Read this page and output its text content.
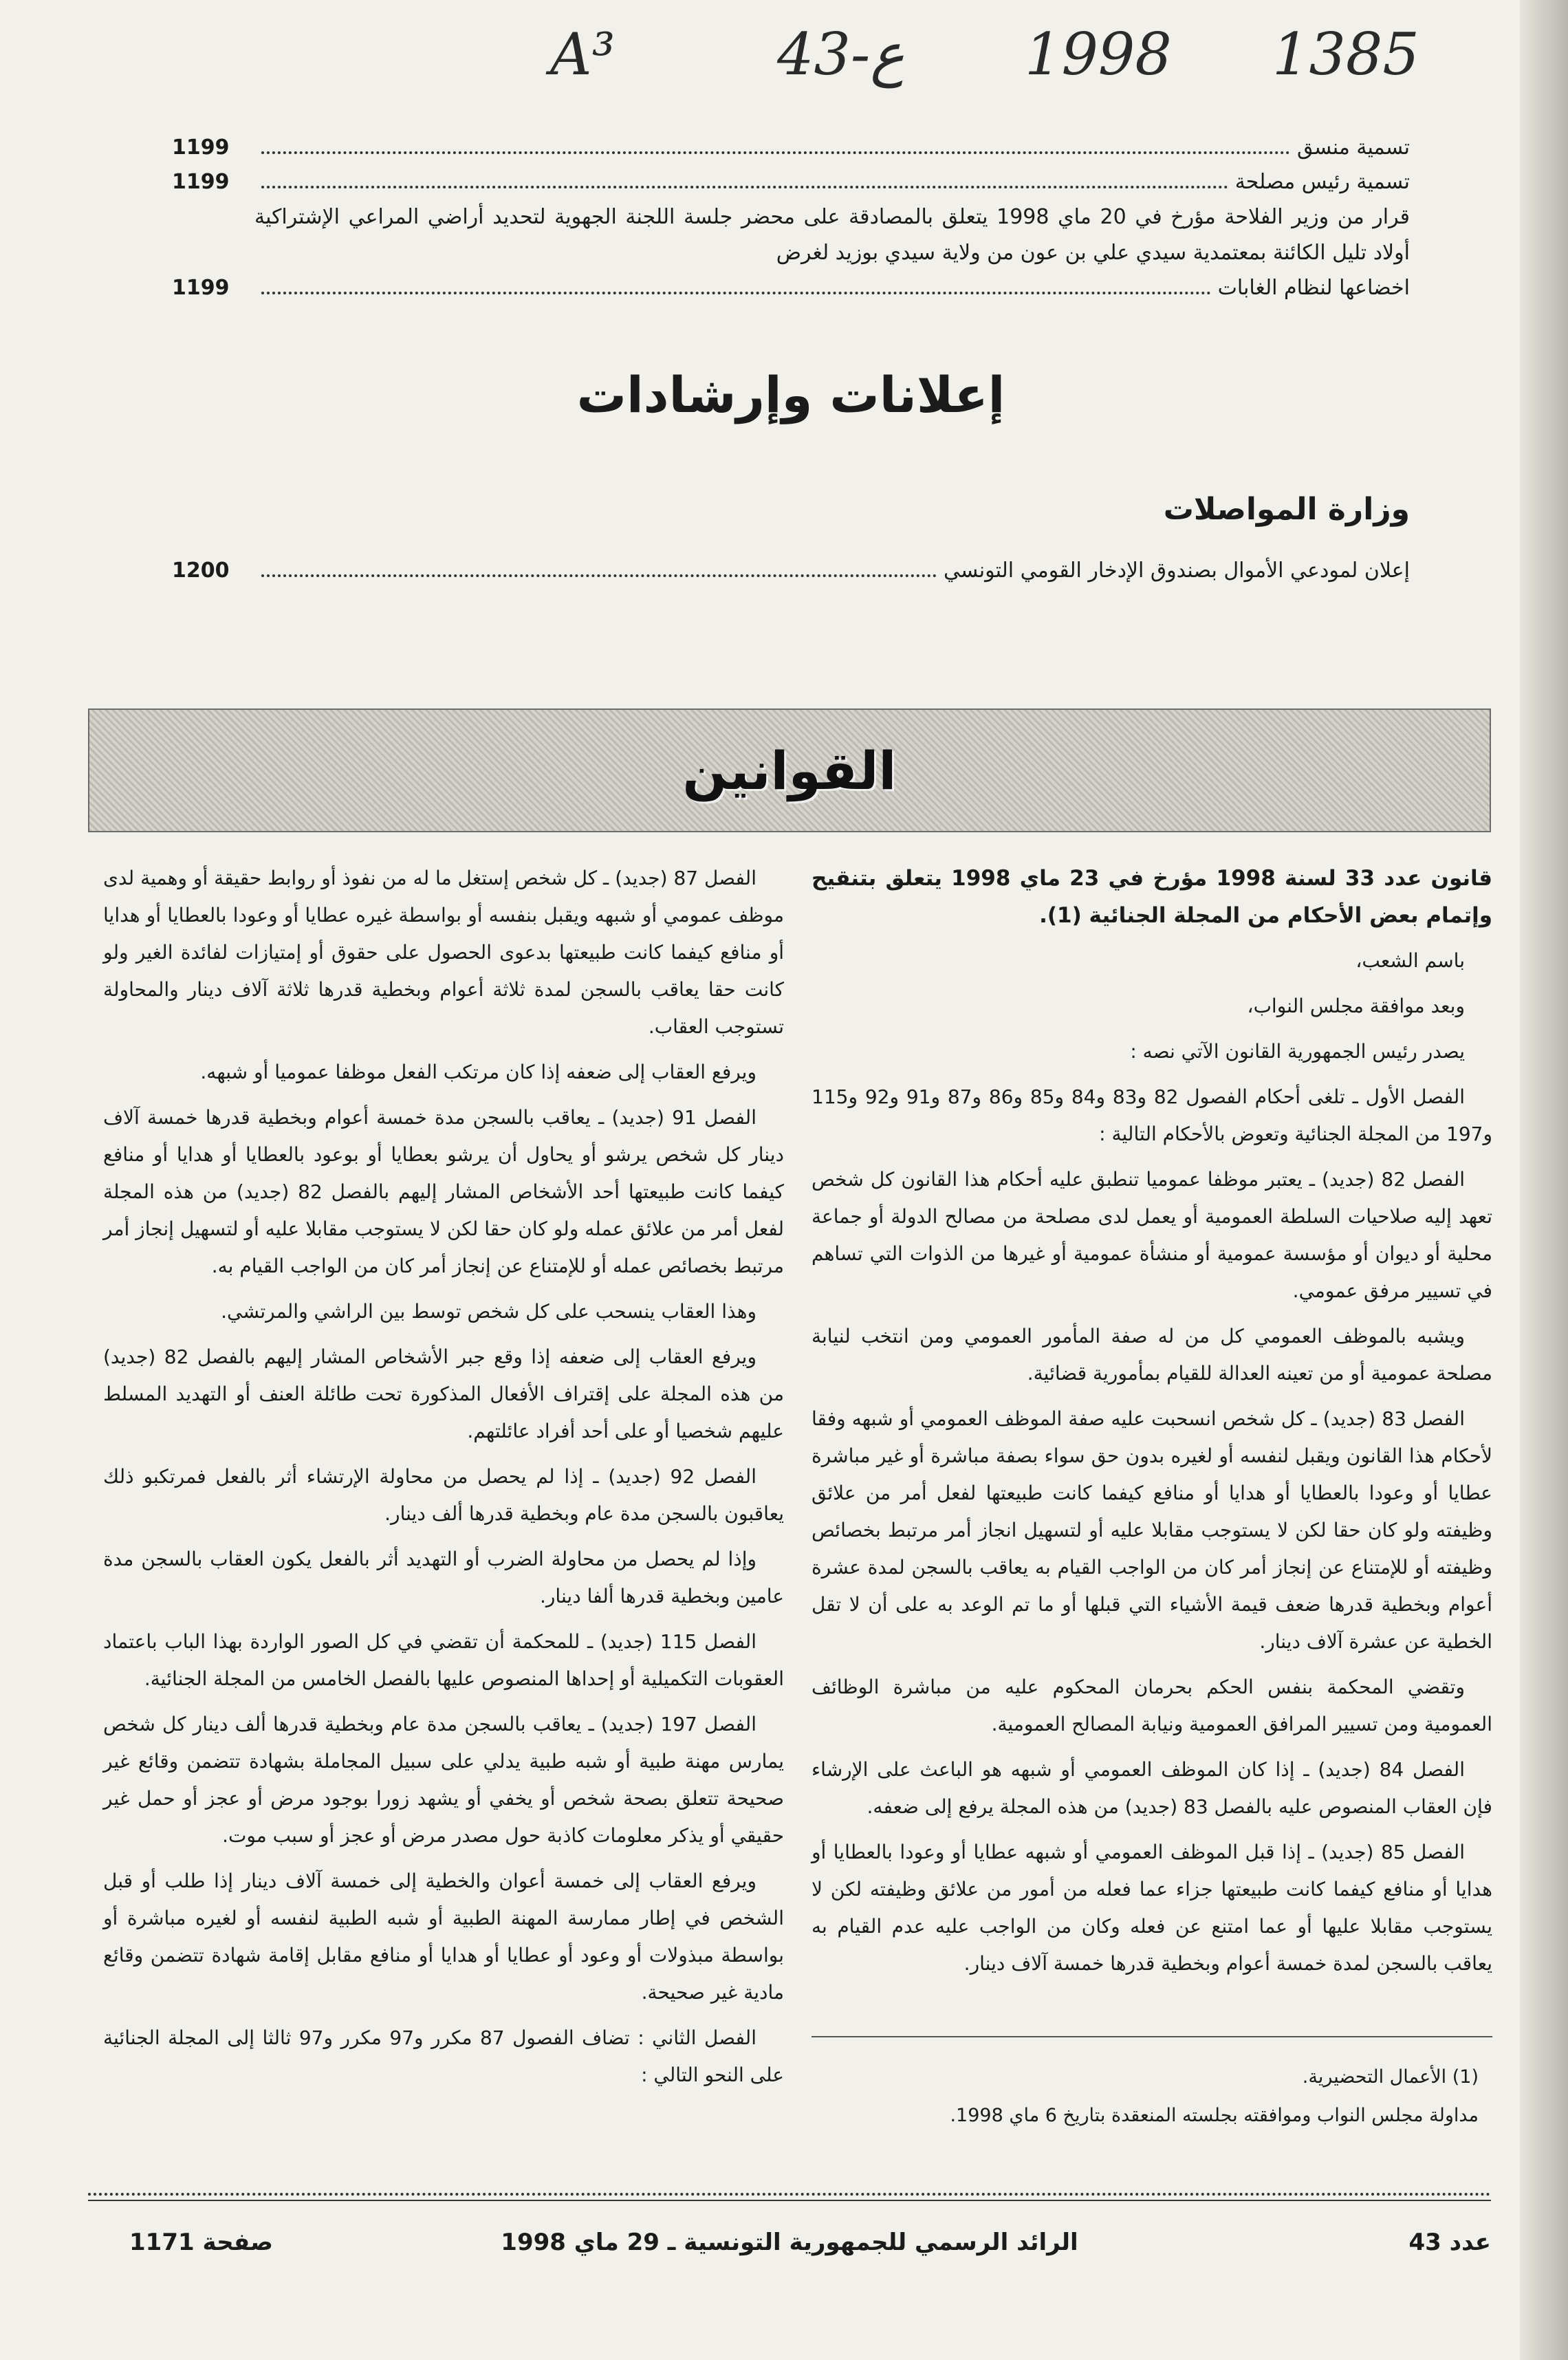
A³	43-ع 1998 1385
تسمية منسق
1199
تسمية رئيس مصلحة
1199
قرار من وزير الفلاحة مؤرخ في 20 ماي 1998 يتعلق بالمصادقة على محضر جلسة اللجنة الجهوية لتحديد أراضي المراعي الإشتراكية أولاد تليل الكائنة بمعتمدية سيدي علي بن عون من ولاية سيدي بوزيد لغرض
اخضاعها لنظام الغابات
1199
إعلانات وإرشادات
وزارة المواصلات
إعلان لمودعي الأموال بصندوق الإدخار القومي التونسي
1200
القوانين

قانون عدد 33 لسنة 1998 مؤرخ في 23 ماي 1998 يتعلق بتنقيح وإتمام بعض الأحكام من المجلة الجنائية (1).

باسم الشعب،

وبعد موافقة مجلس النواب،

يصدر رئيس الجمهورية القانون الآتي نصه :

الفصل الأول ـ تلغى أحكام الفصول 82 و83 و84 و85 و86 و87 و91 و92 و115 و197 من المجلة الجنائية وتعوض بالأحكام التالية :

الفصل 82 (جديد) ـ يعتبر موظفا عموميا تنطبق عليه أحكام هذا القانون كل شخص تعهد إليه صلاحيات السلطة العمومية أو يعمل لدى مصلحة من مصالح الدولة أو جماعة محلية أو ديوان أو مؤسسة عمومية أو منشأة عمومية أو غيرها من الذوات التي تساهم في تسيير مرفق عمومي.

ويشبه بالموظف العمومي كل من له صفة المأمور العمومي ومن انتخب لنيابة مصلحة عمومية أو من تعينه العدالة للقيام بمأمورية قضائية.

الفصل 83 (جديد) ـ كل شخص انسحبت عليه صفة الموظف العمومي أو شبهه وفقا لأحكام هذا القانون ويقبل لنفسه أو لغيره بدون حق سواء بصفة مباشرة أو غير مباشرة عطايا أو وعودا بالعطايا أو هدايا أو منافع كيفما كانت طبيعتها لفعل أمر من علائق وظيفته ولو كان حقا لكن لا يستوجب مقابلا عليه أو لتسهيل انجاز أمر مرتبط بخصائص وظيفته أو للإمتناع عن إنجاز أمر كان من الواجب القيام به يعاقب بالسجن لمدة عشرة أعوام وبخطية قدرها ضعف قيمة الأشياء التي قبلها أو ما تم الوعد به على أن لا تقل الخطية عن عشرة آلاف دينار.

وتقضي المحكمة بنفس الحكم بحرمان المحكوم عليه من مباشرة الوظائف العمومية ومن تسيير المرافق العمومية ونيابة المصالح العمومية.

الفصل 84 (جديد) ـ إذا كان الموظف العمومي أو شبهه هو الباعث على الإرشاء فإن العقاب المنصوص عليه بالفصل 83 (جديد) من هذه المجلة يرفع إلى ضعفه.

الفصل 85 (جديد) ـ إذا قبل الموظف العمومي أو شبهه عطايا أو وعودا بالعطايا أو هدايا أو منافع كيفما كانت طبيعتها جزاء عما فعله من أمور من علائق وظيفته لكن لا يستوجب مقابلا عليها أو عما امتنع عن فعله وكان من الواجب عليه عدم القيام به يعاقب بالسجن لمدة خمسة أعوام وبخطية قدرها خمسة آلاف دينار.

(1) الأعمال التحضيرية.

مداولة مجلس النواب وموافقته بجلسته المنعقدة بتاريخ 6 ماي 1998.

الفصل 87 (جديد) ـ كل شخص إستغل ما له من نفوذ أو روابط حقيقة أو وهمية لدى موظف عمومي أو شبهه ويقبل بنفسه أو بواسطة غيره عطايا أو وعودا بالعطايا أو هدايا أو منافع كيفما كانت طبيعتها بدعوى الحصول على حقوق أو إمتيازات لفائدة الغير ولو كانت حقا يعاقب بالسجن لمدة ثلاثة أعوام وبخطية قدرها ثلاثة آلاف دينار والمحاولة تستوجب العقاب.

ويرفع العقاب إلى ضعفه إذا كان مرتكب الفعل موظفا عموميا أو شبهه.

الفصل 91 (جديد) ـ يعاقب بالسجن مدة خمسة أعوام وبخطية قدرها خمسة آلاف دينار كل شخص يرشو أو يحاول أن يرشو بعطايا أو بوعود بالعطايا أو هدايا أو منافع كيفما كانت طبيعتها أحد الأشخاص المشار إليهم بالفصل 82 (جديد) من هذه المجلة لفعل أمر من علائق عمله ولو كان حقا لكن لا يستوجب مقابلا عليه أو لتسهيل إنجاز أمر مرتبط بخصائص عمله أو للإمتناع عن إنجاز أمر كان من الواجب القيام به.

وهذا العقاب ينسحب على كل شخص توسط بين الراشي والمرتشي.

ويرفع العقاب إلى ضعفه إذا وقع جبر الأشخاص المشار إليهم بالفصل 82 (جديد) من هذه المجلة على إقتراف الأفعال المذكورة تحت طائلة العنف أو التهديد المسلط عليهم شخصيا أو على أحد أفراد عائلتهم.

الفصل 92 (جديد) ـ إذا لم يحصل من محاولة الإرتشاء أثر بالفعل فمرتكبو ذلك يعاقبون بالسجن مدة عام وبخطية قدرها ألف دينار.

وإذا لم يحصل من محاولة الضرب أو التهديد أثر بالفعل يكون العقاب بالسجن مدة عامين وبخطية قدرها ألفا دينار.

الفصل 115 (جديد) ـ للمحكمة أن تقضي في كل الصور الواردة بهذا الباب باعتماد العقوبات التكميلية أو إحداها المنصوص عليها بالفصل الخامس من المجلة الجنائية.

الفصل 197 (جديد) ـ يعاقب بالسجن مدة عام وبخطية قدرها ألف دينار كل شخص يمارس مهنة طبية أو شبه طبية يدلي على سبيل المجاملة بشهادة تتضمن وقائع غير صحيحة تتعلق بصحة شخص أو يخفي أو يشهد زورا بوجود مرض أو عجز أو حمل غير حقيقي أو يذكر معلومات كاذبة حول مصدر مرض أو عجز أو سبب موت.

ويرفع العقاب إلى خمسة أعوان والخطية إلى خمسة آلاف دينار إذا طلب أو قبل الشخص في إطار ممارسة المهنة الطبية أو شبه الطبية لنفسه أو لغيره مباشرة أو بواسطة مبذولات أو وعود أو عطايا أو هدايا أو منافع مقابل إقامة شهادة تتضمن وقائع مادية غير صحيحة.

الفصل الثاني : تضاف الفصول 87 مكرر و97 مكرر و97 ثالثا إلى المجلة الجنائية على النحو التالي :

عدد 43
الرائد الرسمي للجمهورية التونسية ـ 29 ماي 1998
صفحة 1171
